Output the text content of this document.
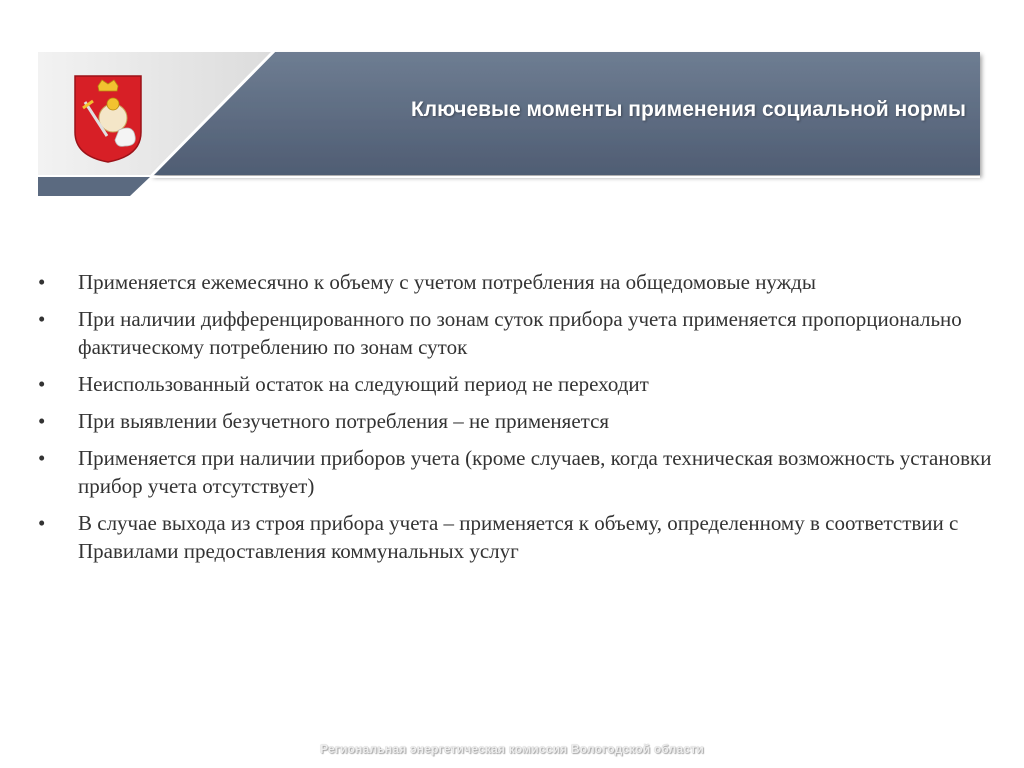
Ключевые моменты применения социальной нормы
• Применяется ежемесячно к объему с учетом потребления на общедомовые нужды
• При наличии дифференцированного по зонам суток прибора учета применяется пропорционально фактическому потреблению по зонам суток
• Неиспользованный остаток на следующий период не переходит
• При выявлении безучетного потребления – не применяется
• Применяется при наличии приборов учета (кроме случаев, когда техническая возможность установки прибор учета отсутствует)
• В случае выхода из строя прибора учета – применяется к объему, определенному в соответствии с Правилами предоставления коммунальных услуг
Региональная энергетическая комиссия Вологодской области
